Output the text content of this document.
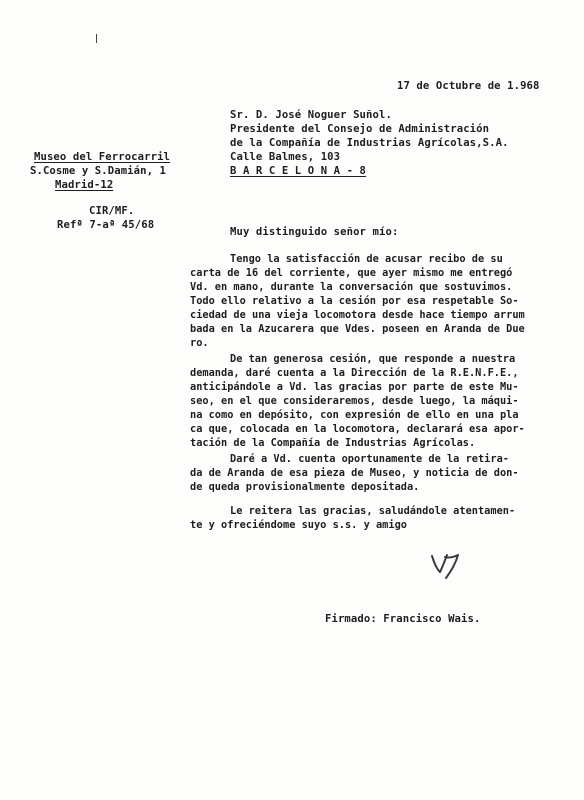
17 de Octubre de 1.968
Sr. D. José Noguer Suñol.
Presidente del Consejo de Administración
de la Compañía de Industrias Agrícolas,S.A.
Calle Balmes, 103
B A R C E L O N A - 8
Museo del Ferrocarril
S.Cosme y S.Damián, 1
Madrid-12
CIR/MF.
Refª 7-aª 45/68
Muy distinguido señor mío:
Tengo la satisfacción de acusar recibo de su
carta de 16 del corriente, que ayer mismo me entregó
Vd. en mano, durante la conversación que sostuvimos.
Todo ello relativo a la cesión por esa respetable So-
ciedad de una vieja locomotora desde hace tiempo arrum
bada en la Azucarera que Vdes. poseen en Aranda de Due
ro.
De tan generosa cesión, que responde a nuestra
demanda, daré cuenta a la Dirección de la R.E.N.F.E.,
anticipándole a Vd. las gracias por parte de este Mu-
seo, en el que consideraremos, desde luego, la máqui-
na como en depósito, con expresión de ello en una pla
ca que, colocada en la locomotora, declarará esa apor-
tación de la Compañía de Industrias Agrícolas.
Daré a Vd. cuenta oportunamente de la retira-
da de Aranda de esa pieza de Museo, y noticia de don-
de queda provisionalmente depositada.
Le reitera las gracias, saludándole atentamen-
te y ofreciéndome suyo s.s. y amigo
Firmado: Francisco Wais.
